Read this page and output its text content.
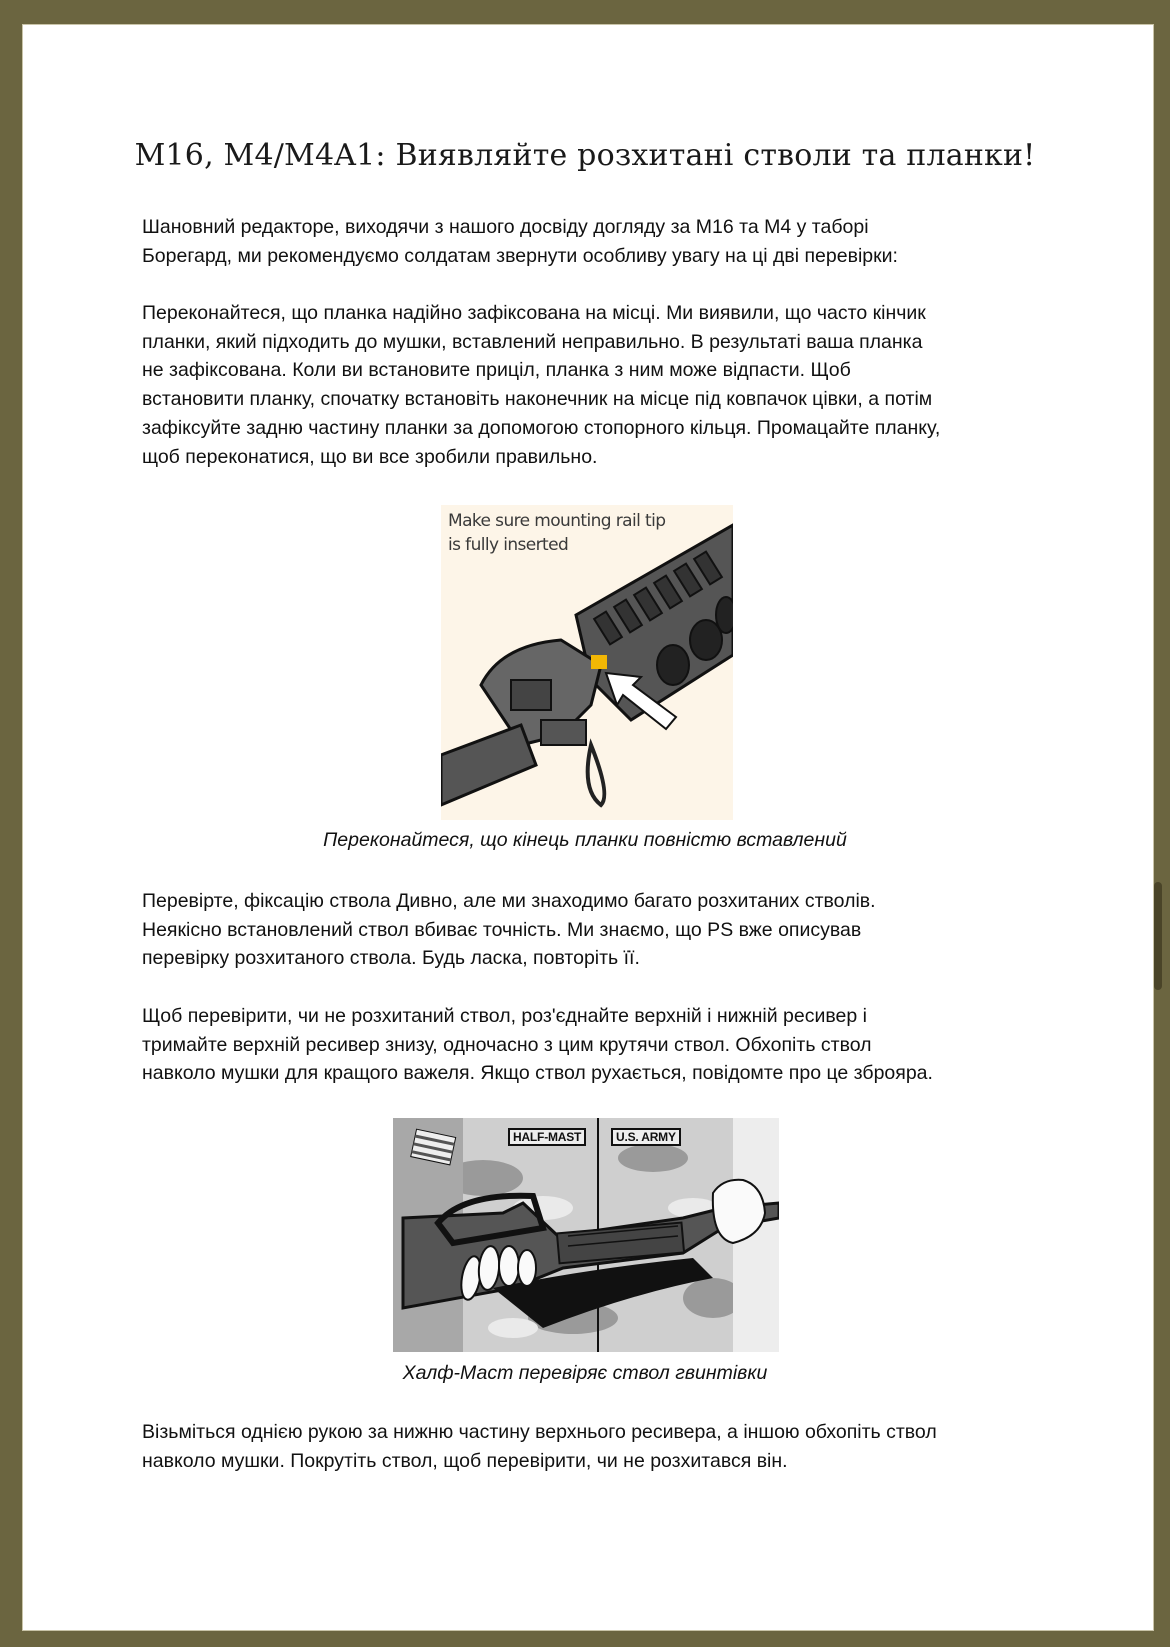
M16, M4/M4A1: Виявляйте розхитані стволи та планки!
Шановний редакторе, виходячи з нашого досвіду догляду за M16 та M4 у таборі
Борегард, ми рекомендуємо солдатам звернути особливу увагу на ці дві перевірки:
Переконайтеся, що планка надійно зафіксована на місці. Ми виявили, що часто кінчик
планки, який підходить до мушки, вставлений неправильно. В результаті ваша планка
не зафіксована. Коли ви встановите приціл, планка з ним може відпасти. Щоб
встановити планку, спочатку встановіть наконечник на місце під ковпачок цівки, а потім
зафіксуйте задню частину планки за допомогою стопорного кільця. Промацайте планку,
щоб переконатися, що ви все зробили правильно.
Make sure mounting rail tip
is fully inserted
Переконайтеся, що кінець планки повністю вставлений
Перевірте, фіксацію ствола Дивно, але ми знаходимо багато розхитаних стволів.
Неякісно встановлений ствол вбиває точність. Ми знаємо, що PS вже описував
перевірку розхитаного ствола. Будь ласка, повторіть її.
Щоб перевірити, чи не розхитаний ствол, роз'єднайте верхній і нижній ресивер і
тримайте верхній ресивер знизу, одночасно з цим крутячи ствол. Обхопіть ствол
навколо мушки для кращого важеля. Якщо ствол рухається, повідомте про це зброяра.
HALF-MAST	U.S. ARMY
Халф-Маст перевіряє ствол гвинтівки
Візьміться однією рукою за нижню частину верхнього ресивера, а іншою обхопіть ствол
навколо мушки. Покрутіть ствол, щоб перевірити, чи не розхитався він.
